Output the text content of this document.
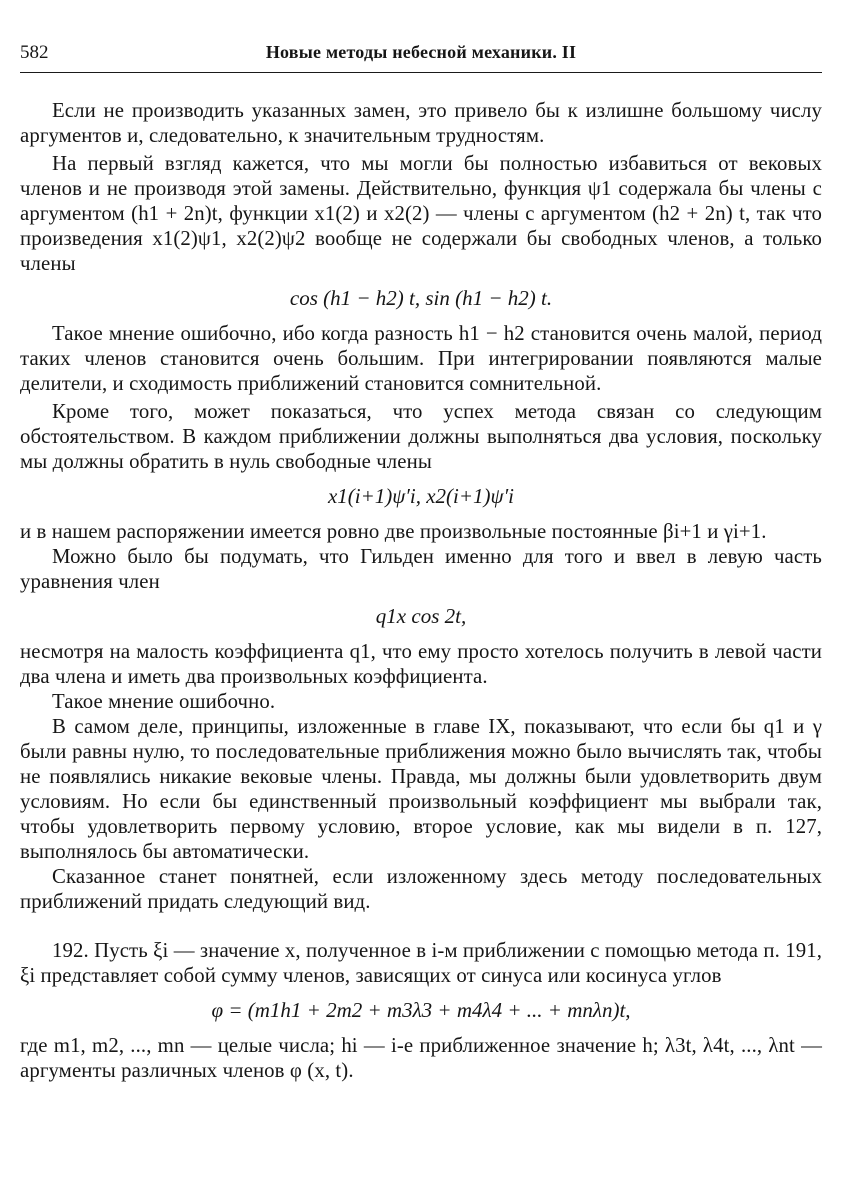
582	Новые методы небесной механики. II

Если не производить указанных замен, это привело бы к излишне большому числу аргументов и, следовательно, к значительным трудностям.

На первый взгляд кажется, что мы могли бы полностью избавиться от вековых членов и не производя этой замены. Действительно, функция ψ1 содержала бы члены с аргументом (h1 + 2n)t, функции x1(2) и x2(2) — члены с аргументом (h2 + 2n) t, так что произведения x1(2)ψ1, x2(2)ψ2 вообще не содержали бы свободных членов, а только члены

cos (h1 − h2) t, sin (h1 − h2) t.

Такое мнение ошибочно, ибо когда разность h1 − h2 становится очень малой, период таких членов становится очень большим. При интегрировании появляются малые делители, и сходимость приближений становится сомнительной.

Кроме того, может показаться, что успех метода связан со следующим обстоятельством. В каждом приближении должны выполняться два условия, поскольку мы должны обратить в нуль свободные члены

x1(i+1)ψ′i, x2(i+1)ψ′i

и в нашем распоряжении имеется ровно две произвольные постоянные βi+1 и γi+1.

Можно было бы подумать, что Гильден именно для того и ввел в левую часть уравнения член

q1x cos 2t,

несмотря на малость коэффициента q1, что ему просто хотелось получить в левой части два члена и иметь два произвольных коэффициента.

Такое мнение ошибочно.

В самом деле, принципы, изложенные в главе IX, показывают, что если бы q1 и γ были равны нулю, то последовательные приближения можно было вычислять так, чтобы не появлялись никакие вековые члены. Правда, мы должны были удовлетворить двум условиям. Но если бы единственный произвольный коэффициент мы выбрали так, чтобы удовлетворить первому условию, второе условие, как мы видели в п. 127, выполнялось бы автоматически.

Сказанное станет понятней, если изложенному здесь методу последовательных приближений придать следующий вид.

192. Пусть ξi — значение x, полученное в i-м приближении с помощью метода п. 191, ξi представляет собой сумму членов, зависящих от синуса или косинуса углов

φ = (m1h1 + 2m2 + m3λ3 + m4λ4 + ... + mnλn)t,

где m1, m2, ..., mn — целые числа; hi — i-е приближенное значение h; λ3t, λ4t, ..., λnt — аргументы различных членов φ (x, t).
